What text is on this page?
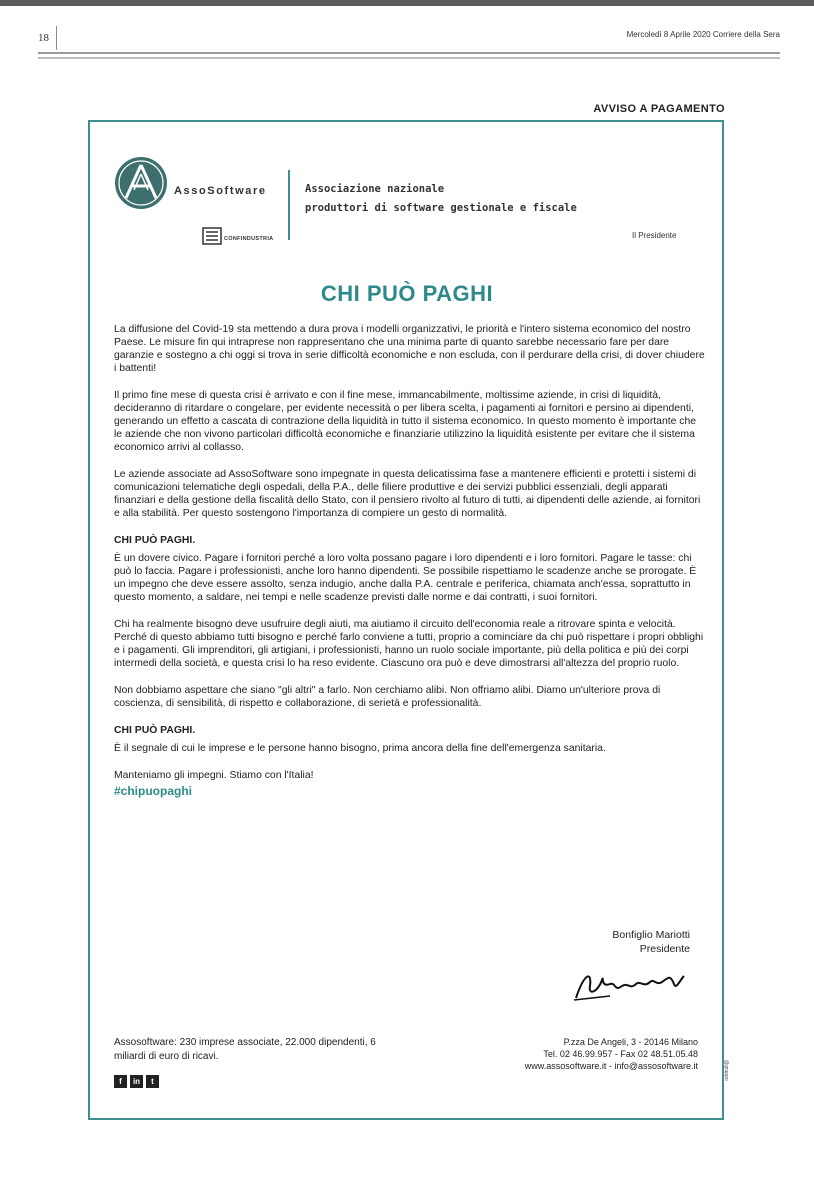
18	Mercoledì 8 Aprile 2020 Corriere della Sera
AVVISO A PAGAMENTO
AssoSoftware	Associazione nazionale
produttori di software gestionale e fiscale
CONFINDUSTRIA	Il Presidente
CHI PUÒ PAGHI

La diffusione del Covid-19 sta mettendo a dura prova i modelli organizzativi, le priorità e l'intero sistema economico del nostro Paese. Le misure fin qui intraprese non rappresentano che una minima parte di quanto sarebbe necessario fare per dare garanzie e sostegno a chi oggi si trova in serie difficoltà economiche e non escluda, con il perdurare della crisi, di dover chiudere i battenti!

Il primo fine mese di questa crisi è arrivato e con il fine mese, immancabilmente, moltissime aziende, in crisi di liquidità, decideranno di ritardare o congelare, per evidente necessità o per libera scelta, i pagamenti ai fornitori e persino ai dipendenti, generando un effetto a cascata di contrazione della liquidità in tutto il sistema economico. In questo momento è importante che le aziende che non vivono particolari difficoltà economiche e finanziarie utilizzino la liquidità esistente per evitare che il sistema economico arrivi al collasso.

Le aziende associate ad AssoSoftware sono impegnate in questa delicatissima fase a mantenere efficienti e protetti i sistemi di comunicazioni telematiche degli ospedali, della P.A., delle filiere produttive e dei servizi pubblici essenziali, degli apparati finanziari e della gestione della fiscalità dello Stato, con il pensiero rivolto al futuro di tutti, ai dipendenti delle aziende, ai fornitori e alla stabilità. Per questo sostengono l'importanza di compiere un gesto di normalità.

CHI PUÒ PAGHI.

È un dovere civico. Pagare i fornitori perché a loro volta possano pagare i loro dipendenti e i loro fornitori. Pagare le tasse: chi può lo faccia. Pagare i professionisti, anche loro hanno dipendenti. Se possibile rispettiamo le scadenze anche se prorogate. È un impegno che deve essere assolto, senza indugio, anche dalla P.A. centrale e periferica, chiamata anch'essa, soprattutto in questo momento, a saldare, nei tempi e nelle scadenze previsti dalle norme e dai contratti, i suoi fornitori.

Chi ha realmente bisogno deve usufruire degli aiuti, ma aiutiamo il circuito dell'economia reale a ritrovare spinta e velocità. Perché di questo abbiamo tutti bisogno e perché farlo conviene a tutti, proprio a cominciare da chi può rispettare i propri obblighi e i pagamenti. Gli imprenditori, gli artigiani, i professionisti, hanno un ruolo sociale importante, più della politica e più dei corpi intermedi della società, e questa crisi lo ha reso evidente. Ciascuno ora può e deve dimostrarsi all'altezza del proprio ruolo.

Non dobbiamo aspettare che siano "gli altri" a farlo. Non cerchiamo alibi. Non offriamo alibi. Diamo un'ulteriore prova di coscienza, di sensibilità, di rispetto e collaborazione, di serietà e professionalità.

CHI PUÒ PAGHI.

È il segnale di cui le imprese e le persone hanno bisogno, prima ancora della fine dell'emergenza sanitaria.

Manteniamo gli impegni. Stiamo con l'Italia!

#chipuopaghi

Bonfiglio Mariotti
Presidente
Assosoftware: 230 imprese associate, 22.000 dipendenti, 6 miliardi di euro di ricavi.
P.zza De Angeli, 3 - 20146 Milano
Tel. 02 46.99.957 - Fax 02 48.51.05.48
www.assosoftware.it - info@assosoftware.it
f	in	t
@gruppo
